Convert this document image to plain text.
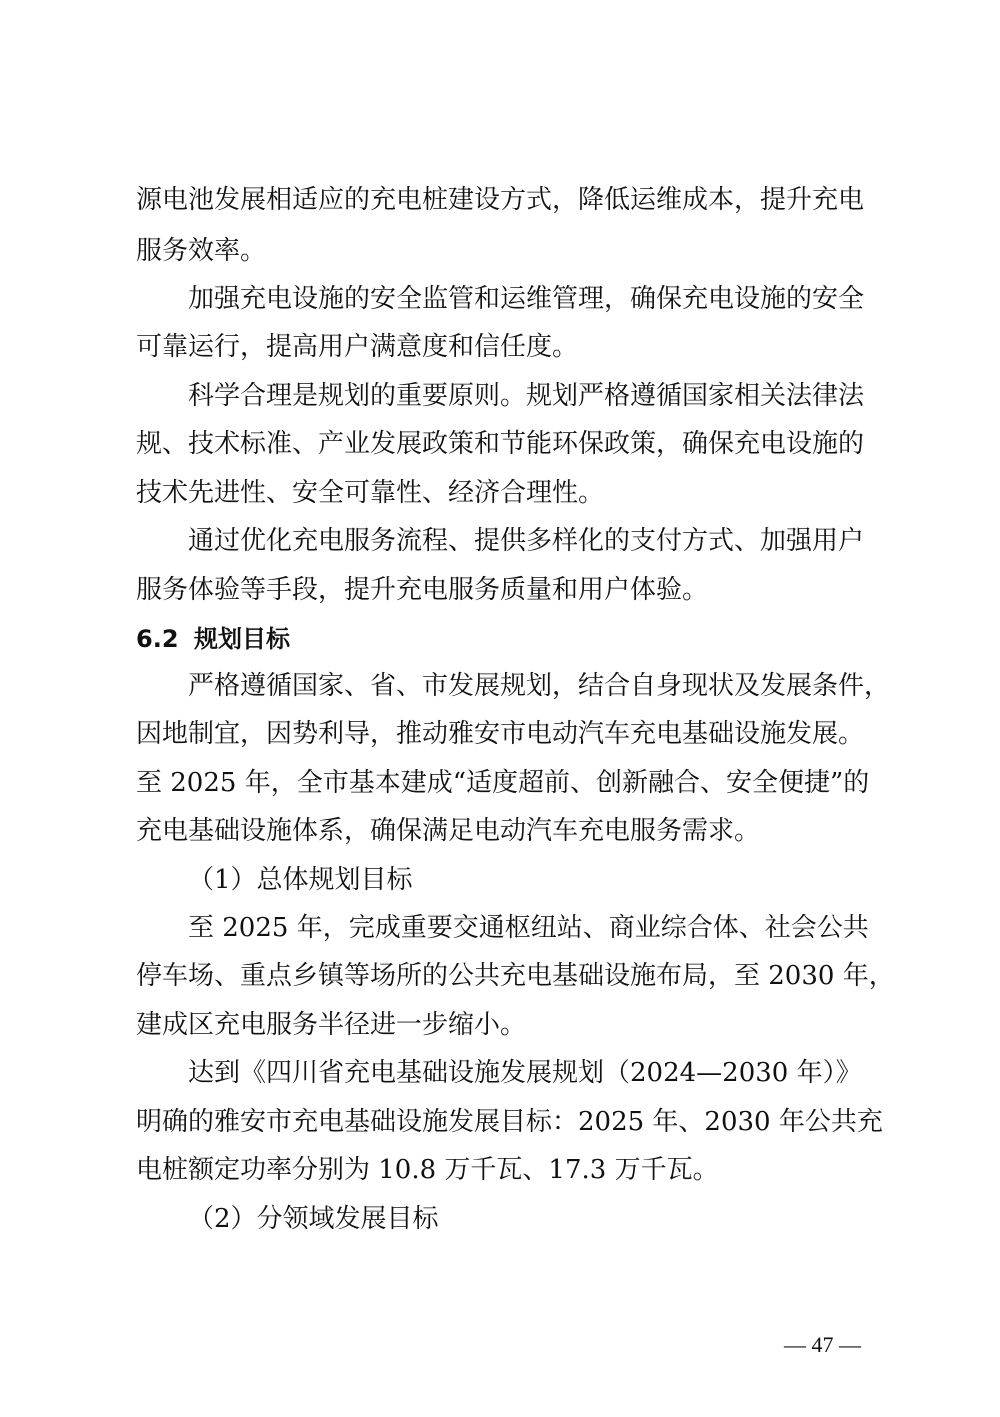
源电池发展相适应的充电桩建设方式，降低运维成本，提升充电
服务效率。
加强充电设施的安全监管和运维管理，确保充电设施的安全
可靠运行，提高用户满意度和信任度。
科学合理是规划的重要原则。规划严格遵循国家相关法律法
规、技术标准、产业发展政策和节能环保政策，确保充电设施的
技术先进性、安全可靠性、经济合理性。
通过优化充电服务流程、提供多样化的支付方式、加强用户
服务体验等手段，提升充电服务质量和用户体验。
6.2 规划目标
严格遵循国家、省、市发展规划，结合自身现状及发展条件，
因地制宜，因势利导，推动雅安市电动汽车充电基础设施发展。
至 2025 年，全市基本建成“适度超前、创新融合、安全便捷”的
充电基础设施体系，确保满足电动汽车充电服务需求。
（1）总体规划目标
至 2025 年，完成重要交通枢纽站、商业综合体、社会公共
停车场、重点乡镇等场所的公共充电基础设施布局，至 2030 年，
建成区充电服务半径进一步缩小。
达到《四川省充电基础设施发展规划（2024—2030 年）》
明确的雅安市充电基础设施发展目标：2025 年、2030 年公共充
电桩额定功率分别为 10.8 万千瓦、17.3 万千瓦。
（2）分领域发展目标
— 47 —
